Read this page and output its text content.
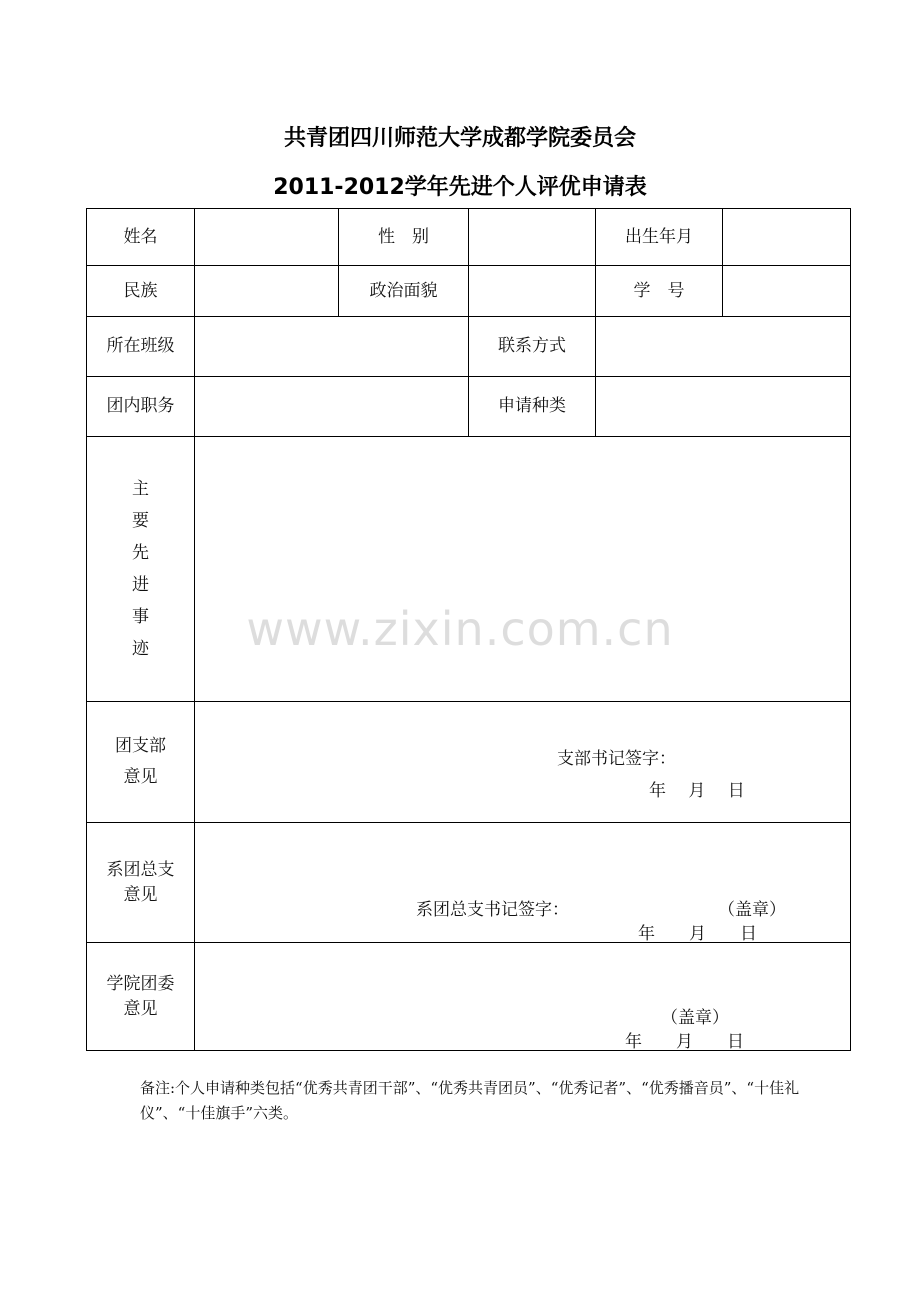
共青团四川师范大学成都学院委员会
2011-2012学年先进个人评优申请表
姓名	性　别	出生年月
民族	政治面貌	学　号
所在班级	联系方式
团内职务	申请种类
主
要
先
进
事
迹
团支部
意见
支部书记签字：
年　 月　 日
系团总支
意见
系团总支书记签字：	（盖章）
年　　月　　日
学院团委
意见	（盖章）
年　　月　　日
www.zixin.com.cn
备注:个人申请种类包括“优秀共青团干部”、“优秀共青团员”、“优秀记者”、“优秀播音员”、“十佳礼仪”、“十佳旗手”六类。
